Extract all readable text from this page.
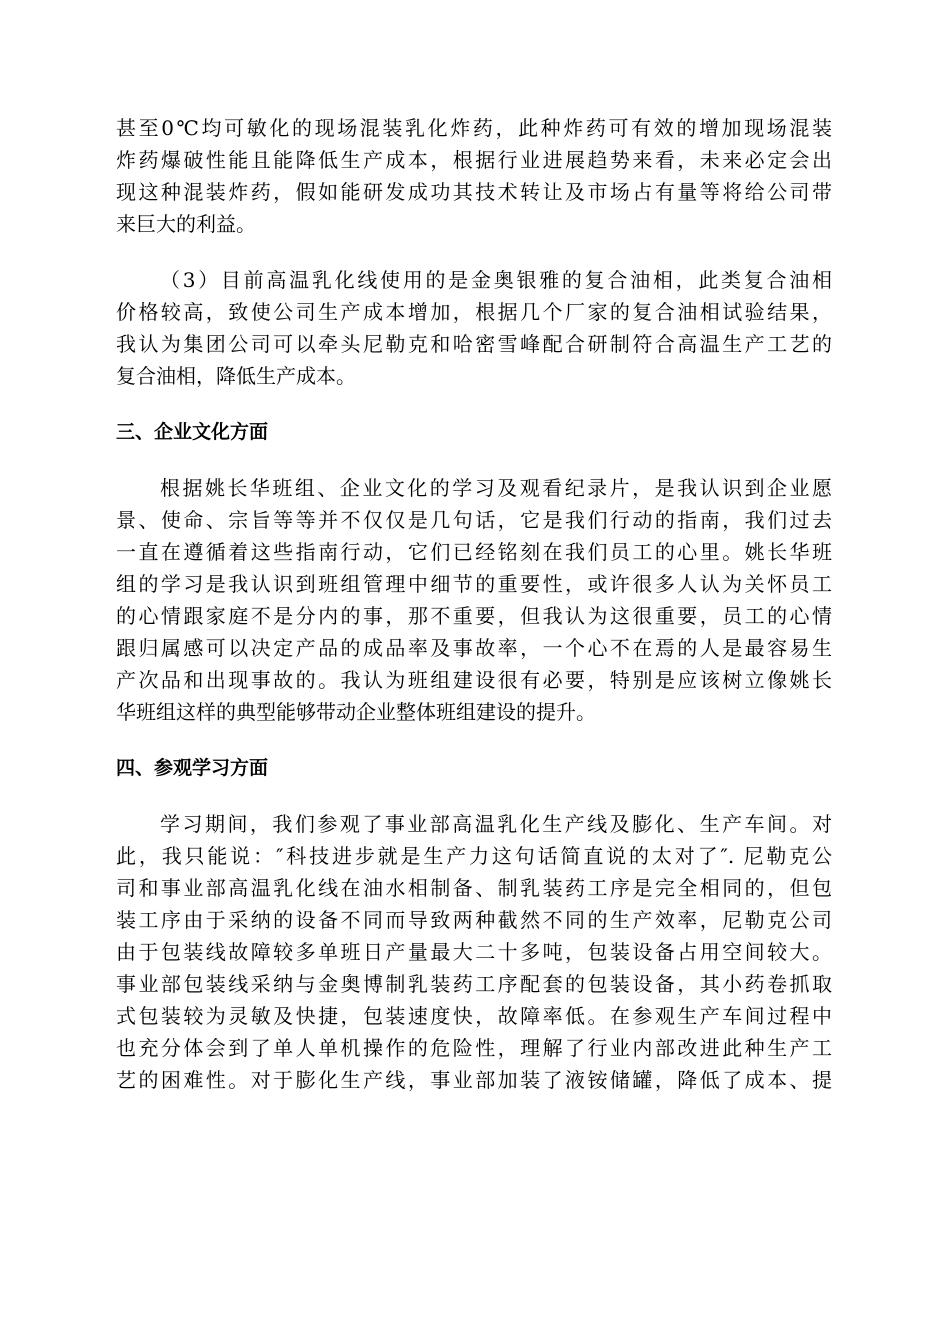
甚至0℃均可敏化的现场混装乳化炸药，此种炸药可有效的增加现场混装
炸药爆破性能且能降低生产成本，根据行业进展趋势来看，未来必定会出
现这种混装炸药，假如能研发成功其技术转让及市场占有量等将给公司带
来巨大的利益。
（3）目前高温乳化线使用的是金奥银雅的复合油相，此类复合油相
价格较高，致使公司生产成本增加，根据几个厂家的复合油相试验结果，
我认为集团公司可以牵头尼勒克和哈密雪峰配合研制符合高温生产工艺的
复合油相，降低生产成本。
三、企业文化方面
根据姚长华班组、企业文化的学习及观看纪录片，是我认识到企业愿
景、使命、宗旨等等并不仅仅是几句话，它是我们行动的指南，我们过去
一直在遵循着这些指南行动，它们已经铭刻在我们员工的心里。姚长华班
组的学习是我认识到班组管理中细节的重要性，或许很多人认为关怀员工
的心情跟家庭不是分内的事，那不重要，但我认为这很重要，员工的心情
跟归属感可以决定产品的成品率及事故率，一个心不在焉的人是最容易生
产次品和出现事故的。我认为班组建设很有必要，特别是应该树立像姚长
华班组这样的典型能够带动企业整体班组建设的提升。
四、参观学习方面
学习期间，我们参观了事业部高温乳化生产线及膨化、生产车间。对
此，我只能说：″科技进步就是生产力这句话简直说的太对了″. 尼勒克公
司和事业部高温乳化线在油水相制备、制乳装药工序是完全相同的，但包
装工序由于采纳的设备不同而导致两种截然不同的生产效率，尼勒克公司
由于包装线故障较多单班日产量最大二十多吨，包装设备占用空间较大。
事业部包装线采纳与金奥博制乳装药工序配套的包装设备，其小药卷抓取
式包装较为灵敏及快捷，包装速度快，故障率低。在参观生产车间过程中
也充分体会到了单人单机操作的危险性，理解了行业内部改进此种生产工
艺的困难性。对于膨化生产线，事业部加装了液铵储罐，降低了成本、提
